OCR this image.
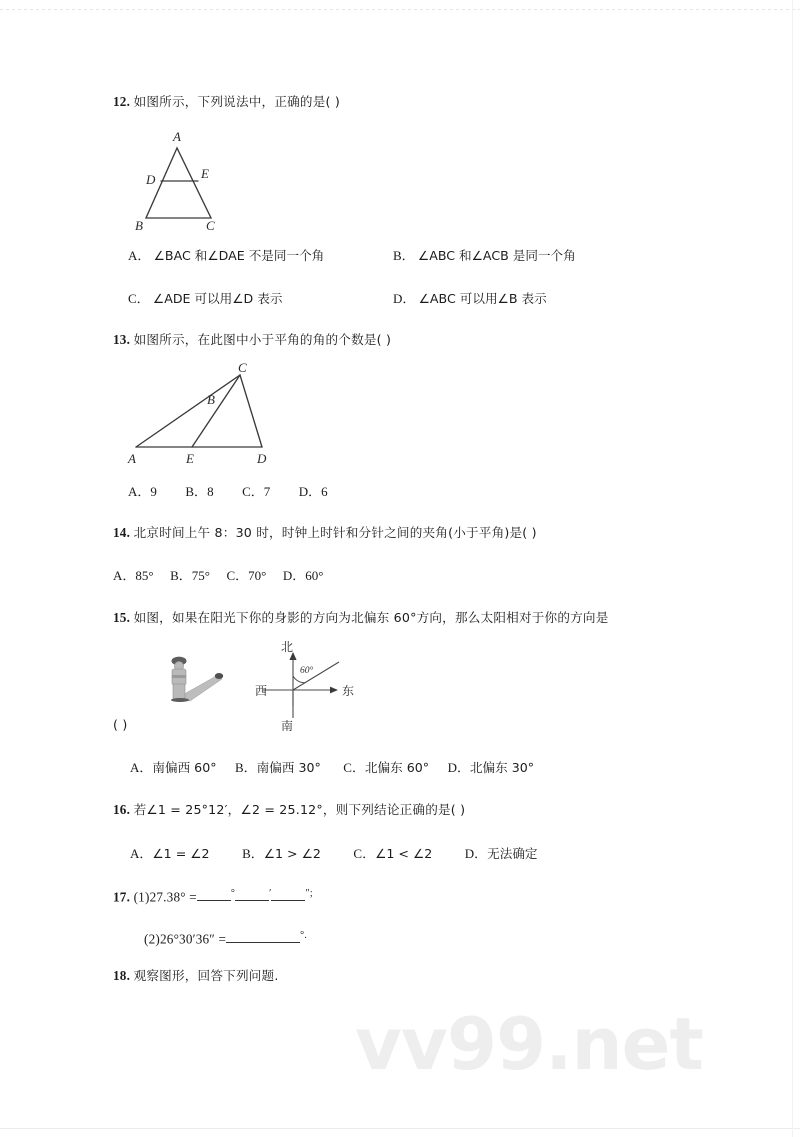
12. 如图所示，下列说法中，正确的是( )
A
D	E
B	C
A． ∠BAC 和∠DAE 不是同一个角	B． ∠ABC 和∠ACB 是同一个角
C． ∠ADE 可以用∠D 表示	D． ∠ABC 可以用∠B 表示
13. 如图所示，在此图中小于平角的角的个数是( )
A	E	D
B
C
A．9 B．8 C．7 D．6
14. 北京时间上午 8：30 时，时钟上时针和分针之间的夹角(小于平角)是( )
A．85° B．75° C．70° D．60°
15. 如图，如果在阳光下你的身影的方向为北偏东 60°方向，那么太阳相对于你的方向是
60°
北
南
西	东
( )
A．南偏西 60° B．南偏西 30° C．北偏东 60° D．北偏东 30°
16. 若∠1 = 25°12′，∠2 = 25.12°，则下列结论正确的是( )
A．∠1 = ∠2	B．∠1 > ∠2	C．∠1 < ∠2	D．无法确定
17. (1)27.38° =	°	′	″;
(2)26°30′36″ =	°.
18. 观察图形，回答下列问题.
vv99.net
